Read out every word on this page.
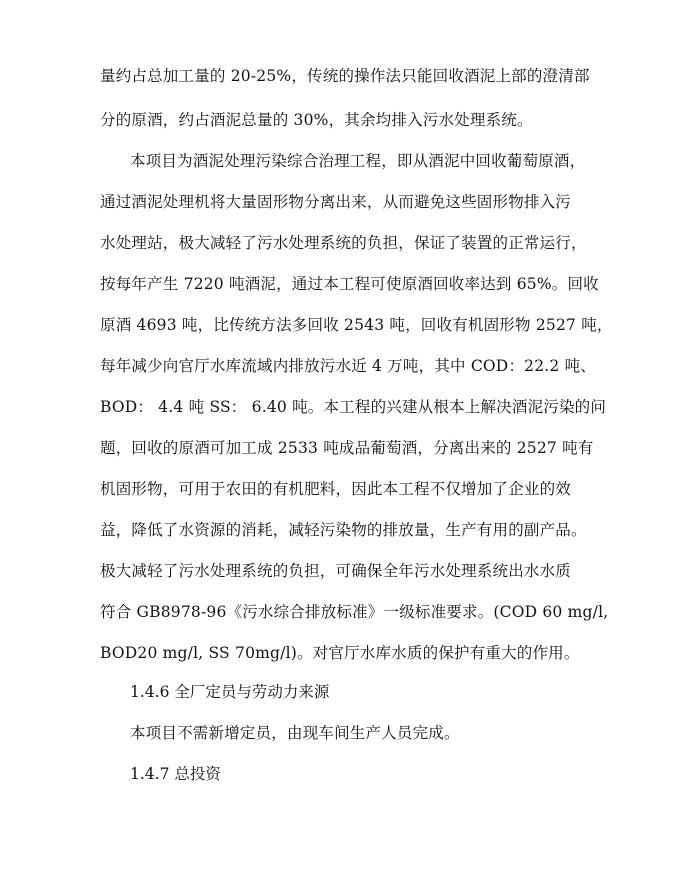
量约占总加工量的 20-25%，传统的操作法只能回收酒泥上部的澄清部
分的原酒，约占酒泥总量的 30%，其余均排入污水处理系统。
本项目为酒泥处理污染综合治理工程，即从酒泥中回收葡萄原酒，
通过酒泥处理机将大量固形物分离出来，从而避免这些固形物排入污
水处理站，极大减轻了污水处理系统的负担，保证了装置的正常运行，
按每年产生 7220 吨酒泥，通过本工程可使原酒回收率达到 65%。回收
原酒 4693 吨，比传统方法多回收 2543 吨，回收有机固形物 2527 吨，
每年减少向官厅水库流域内排放污水近 4 万吨，其中 COD：22.2 吨、
BOD： 4.4 吨 SS： 6.40 吨。本工程的兴建从根本上解决酒泥污染的问
题，回收的原酒可加工成 2533 吨成品葡萄酒，分离出来的 2527 吨有
机固形物，可用于农田的有机肥料，因此本工程不仅增加了企业的效
益，降低了水资源的消耗，减轻污染物的排放量，生产有用的副产品。
极大减轻了污水处理系统的负担，可确保全年污水处理系统出水水质
符合 GB8978-96《污水综合排放标准》一级标准要求。(COD 60 mg/l,
BOD20 mg/l, SS 70mg/l)。对官厅水库水质的保护有重大的作用。
1.4.6 全厂定员与劳动力来源
本项目不需新增定员，由现车间生产人员完成。
1.4.7 总投资
